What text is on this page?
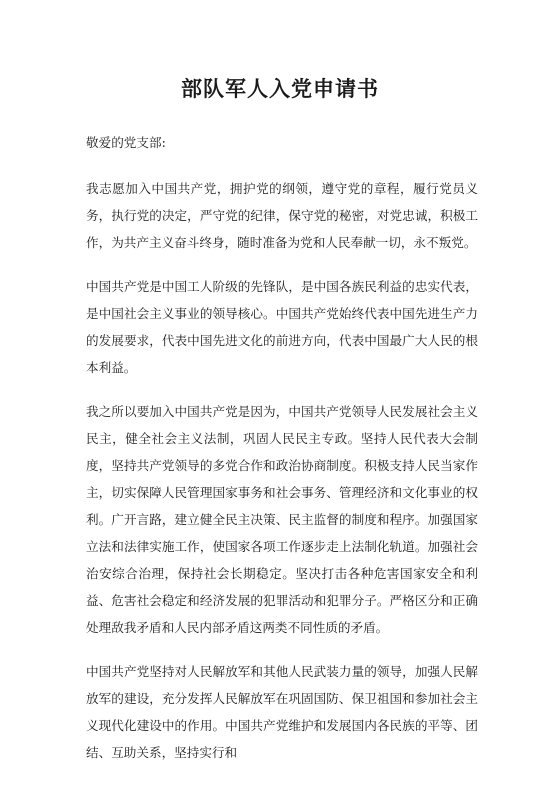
部队军人入党申请书

敬爱的党支部:

我志愿加入中国共产党，拥护党的纲领，遵守党的章程，履行党员义务，执行党的决定，严守党的纪律，保守党的秘密，对党忠诚，积极工作，为共产主义奋斗终身，随时准备为党和人民奉献一切，永不叛党。

中国共产党是中国工人阶级的先锋队，是中国各族民利益的忠实代表，是中国社会主义事业的领导核心。中国共产党始终代表中国先进生产力的发展要求，代表中国先进文化的前进方向，代表中国最广大人民的根本利益。

我之所以要加入中国共产党是因为，中国共产党领导人民发展社会主义民主，健全社会主义法制，巩固人民民主专政。坚持人民代表大会制度，坚持共产党领导的多党合作和政治协商制度。积极支持人民当家作主，切实保障人民管理国家事务和社会事务、管理经济和文化事业的权利。广开言路，建立健全民主决策、民主监督的制度和程序。加强国家立法和法律实施工作，使国家各项工作逐步走上法制化轨道。加强社会治安综合治理，保持社会长期稳定。坚决打击各种危害国家安全和利益、危害社会稳定和经济发展的犯罪活动和犯罪分子。严格区分和正确处理敌我矛盾和人民内部矛盾这两类不同性质的矛盾。

中国共产党坚持对人民解放军和其他人民武装力量的领导，加强人民解放军的建设，充分发挥人民解放军在巩固国防、保卫祖国和参加社会主义现代化建设中的作用。中国共产党维护和发展国内各民族的平等、团结、互助关系，坚持实行和
